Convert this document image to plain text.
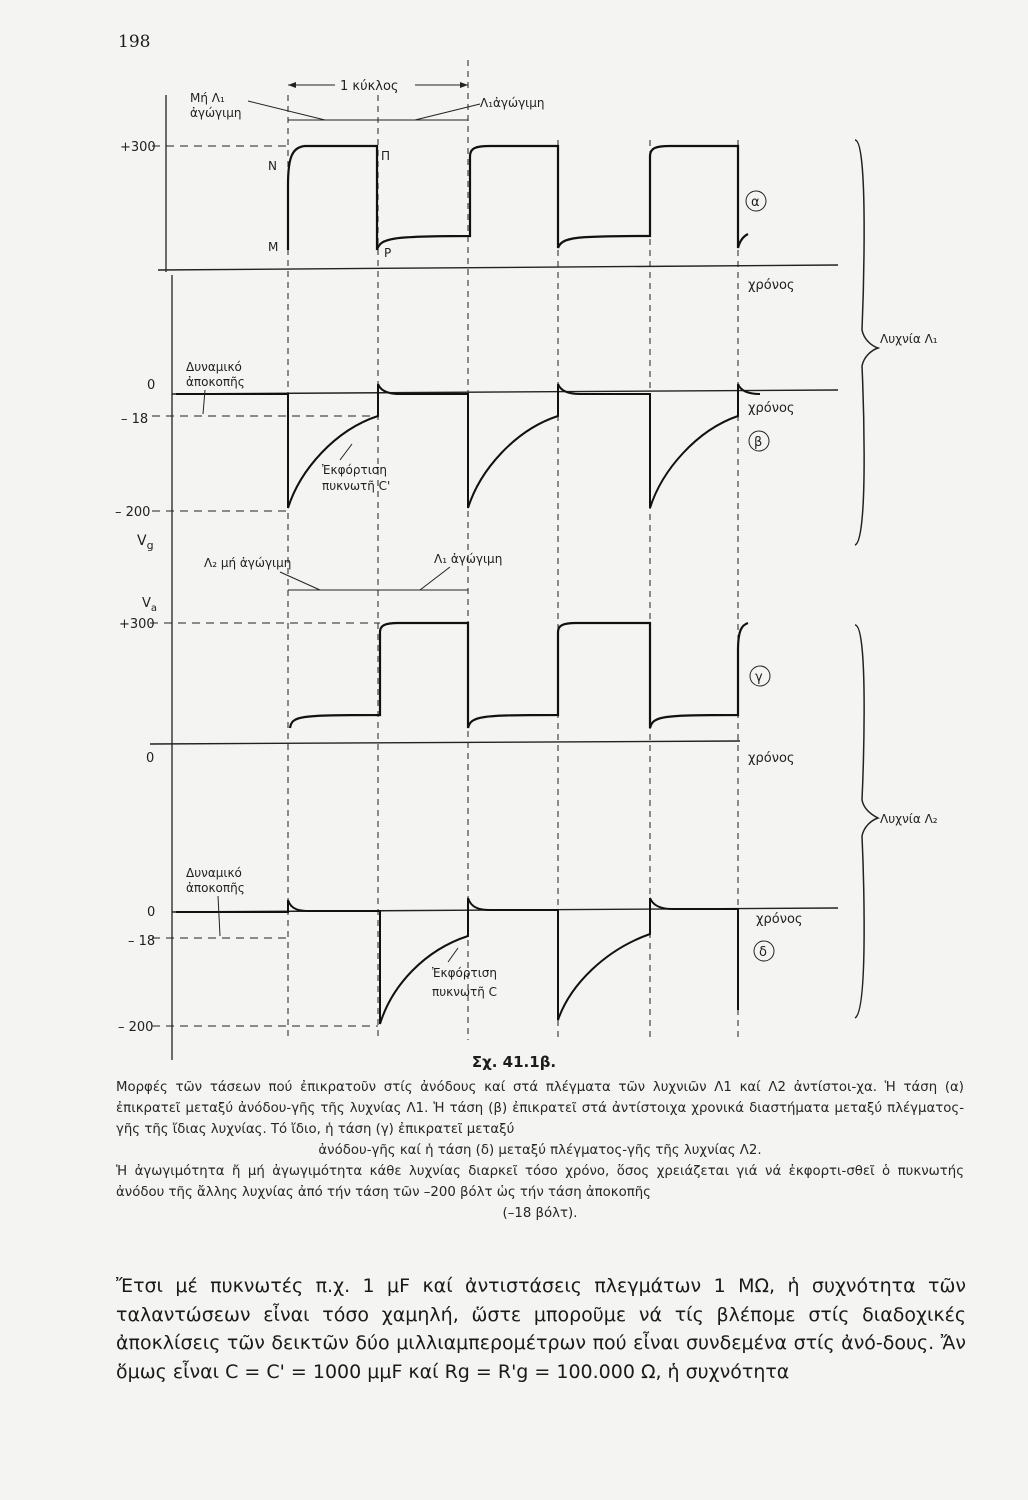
198
+300
Ν
Π
Μ	Ρ
χρόνος
α
1 κύκλος
Μή Λ₁
ἀγώγιμη
Λ₁ἀγώγιμη
0
– 18
– 200
Δυναμικό
ἀποκοπῆς
Ἐκφόρτιση
πυκνωτῆ C'
χρόνος
β
$V_g$
$V_a$
Λ₂ μή ἀγώγιμη	Λ₁ ἀγώγιμη
+300
0	χρόνος
γ
0
– 18
– 200
Δυναμικό
ἀποκοπῆς
Ἐκφόρτιση
πυκνωτῆ C
χρόνος
δ
Λυχνία Λ₁
Λυχνία Λ₂
Σχ. 41.1β.

Μορφές τῶν τάσεων πού ἐπικρατοῦν στίς ἀνόδους καί στά πλέγματα τῶν λυχνιῶν Λ1 καί Λ2 ἀντίστοι-χα. Ἡ τάση (α) ἐπικρατεῖ μεταξύ ἀνόδου-γῆς τῆς λυχνίας Λ1. Ἡ τάση (β) ἐπικρατεῖ στά ἀντίστοιχα χρονικά διαστήματα μεταξύ πλέγματος-γῆς τῆς ἴδιας λυχνίας. Τό ἴδιο, ἡ τάση (γ) ἐπικρατεῖ μεταξύ

ἀνόδου-γῆς καί ἡ τάση (δ) μεταξύ πλέγματος-γῆς τῆς λυχνίας Λ2.

Ἡ ἀγωγιμότητα ἤ μή ἀγωγιμότητα κάθε λυχνίας διαρκεῖ τόσο χρόνο, ὅσος χρειάζεται γιά νά ἐκφορτι-σθεῖ ὁ πυκνωτής ἀνόδου τῆς ἄλλης λυχνίας ἀπό τήν τάση τῶν –200 βόλτ ὡς τήν τάση ἀποκοπῆς

(–18 βόλτ).

Ἔτσι μέ πυκνωτές π.χ. 1 μF καί ἀντιστάσεις πλεγμάτων 1 ΜΩ, ἡ συχνότητα τῶν ταλαντώσεων εἶναι τόσο χαμηλή, ὥστε μποροῦμε νά τίς βλέπομε στίς διαδοχικές ἀποκλίσεις τῶν δεικτῶν δύο μιλλιαμπερομέτρων πού εἶναι συνδεμένα στίς ἀνό-δους. Ἄν ὅμως εἶναι C = C' = 1000 μμF καί Rg = R'g = 100.000 Ω, ἡ συχνότητα
